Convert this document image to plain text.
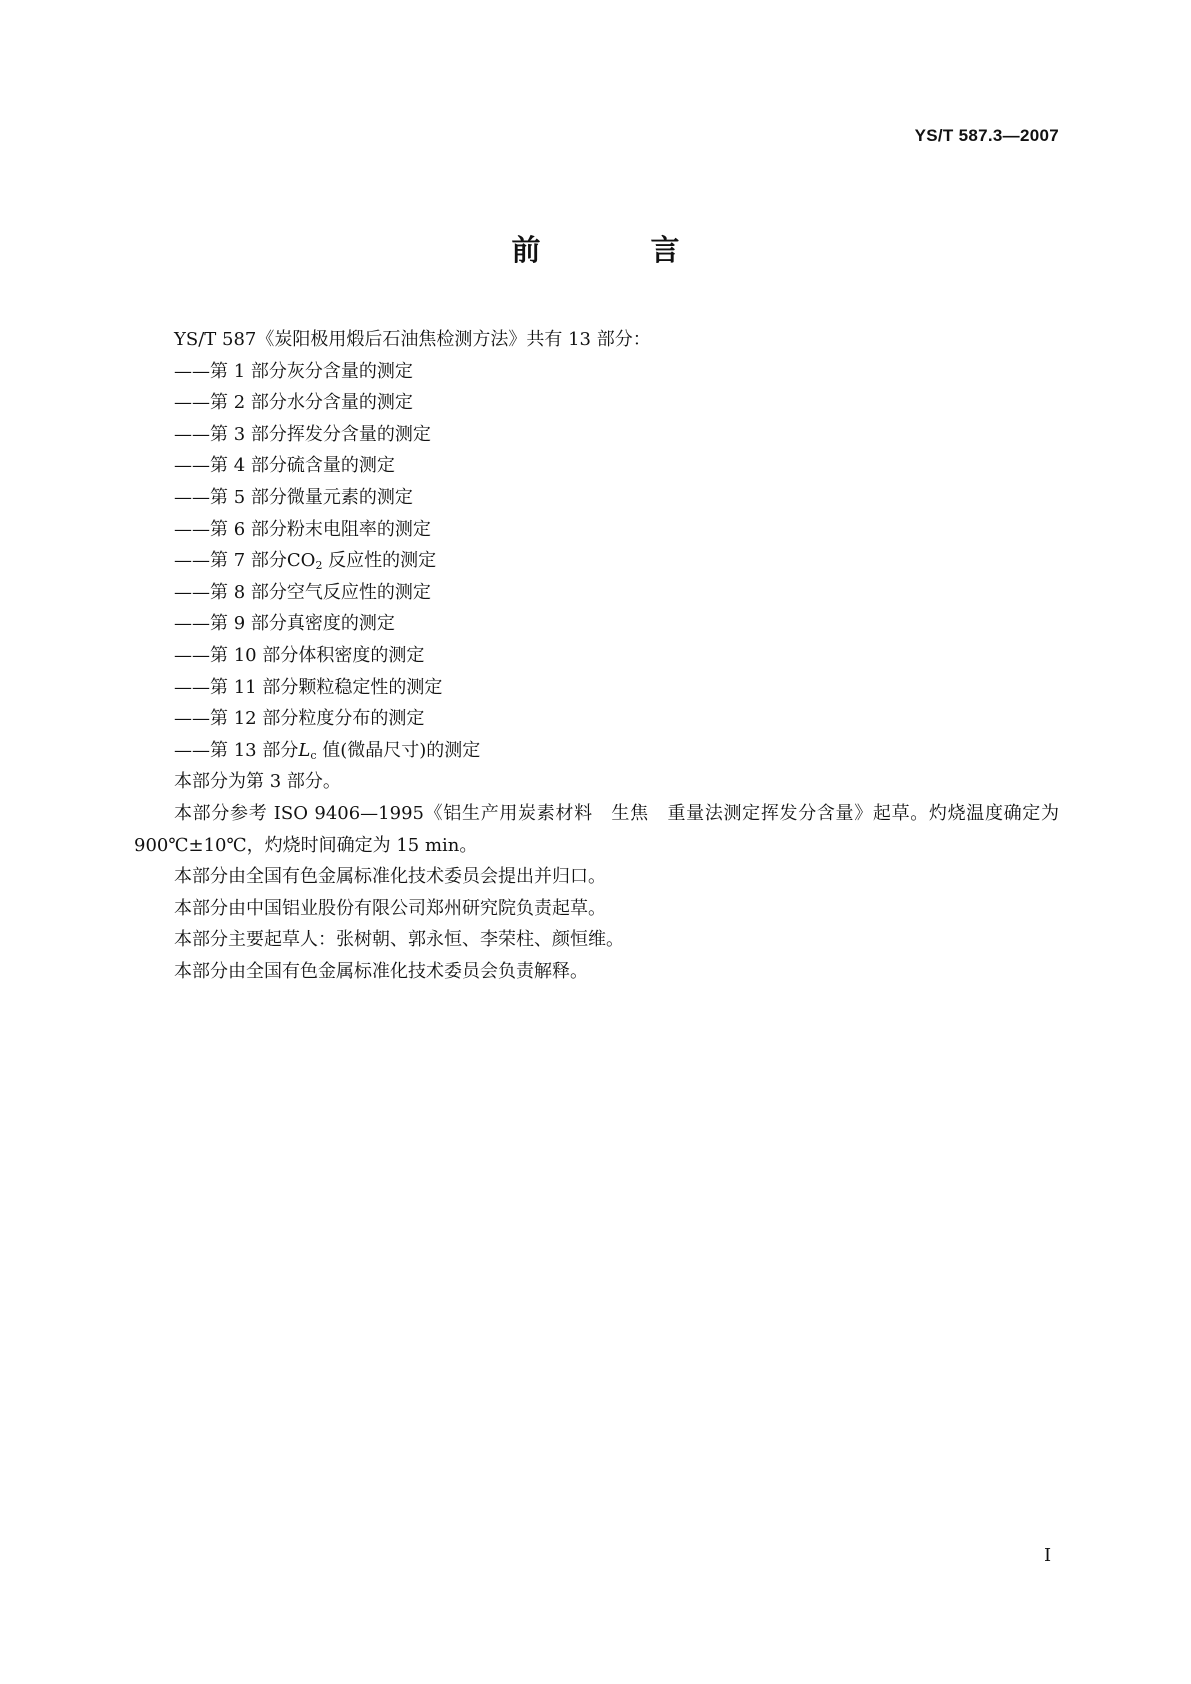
YS/T 587.3—2007
前 言
YS/T 587《炭阳极用煅后石油焦检测方法》共有 13 部分：
——第 1 部分灰分含量的测定
——第 2 部分水分含量的测定
——第 3 部分挥发分含量的测定
——第 4 部分硫含量的测定
——第 5 部分微量元素的测定
——第 6 部分粉末电阻率的测定
——第 7 部分$CO_2$ 反应性的测定
——第 8 部分空气反应性的测定
——第 9 部分真密度的测定
——第 10 部分体积密度的测定
——第 11 部分颗粒稳定性的测定
——第 12 部分粒度分布的测定
——第 13 部分$L_c$ 值(微晶尺寸)的测定
本部分为第 3 部分。
本部分参考 ISO 9406—1995《铝生产用炭素材料　生焦　重量法测定挥发分含量》起草。灼烧温度确定为 900℃±10℃，灼烧时间确定为 15 min。
本部分由全国有色金属标准化技术委员会提出并归口。
本部分由中国铝业股份有限公司郑州研究院负责起草。
本部分主要起草人：张树朝、郭永恒、李荣柱、颜恒维。
本部分由全国有色金属标准化技术委员会负责解释。
I
